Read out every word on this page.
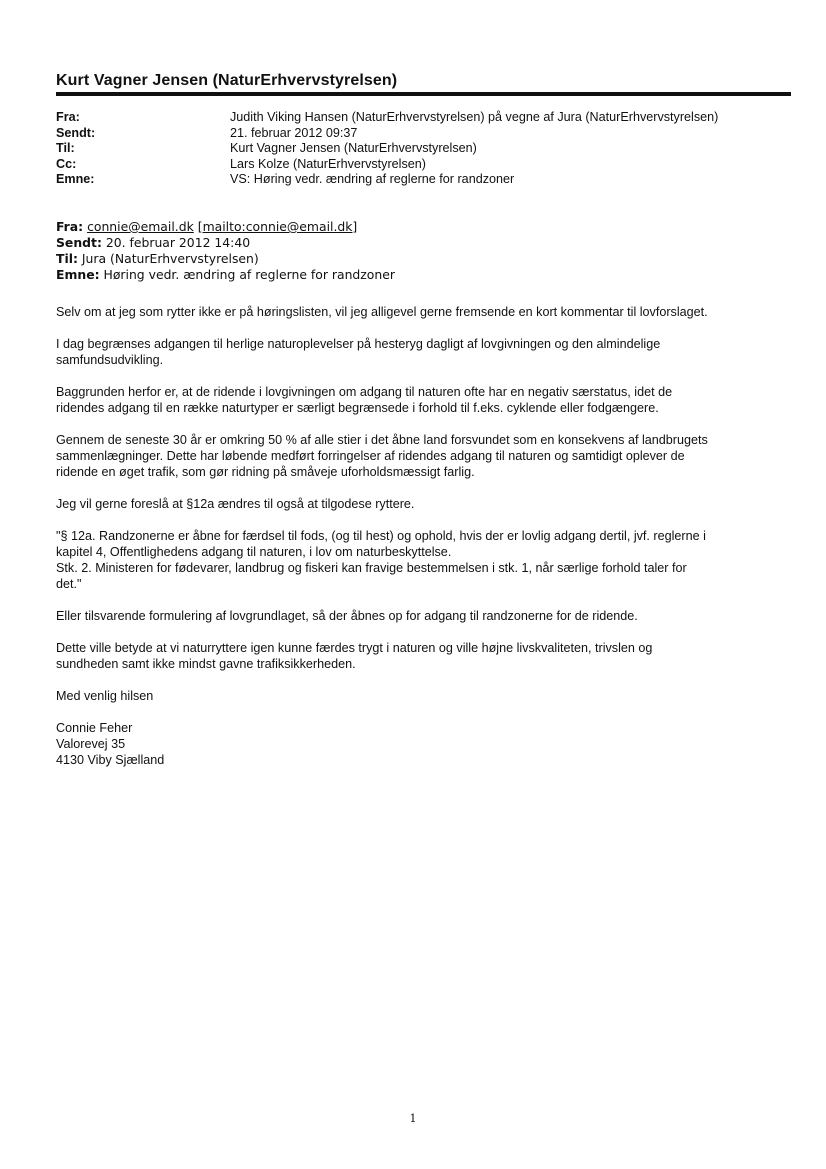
Kurt Vagner Jensen (NaturErhvervstyrelsen)
Fra:	Judith Viking Hansen (NaturErhvervstyrelsen) på vegne af Jura (NaturErhvervstyrelsen)
Sendt:	21. februar 2012 09:37
Til:	Kurt Vagner Jensen (NaturErhvervstyrelsen)
Cc:	Lars Kolze (NaturErhvervstyrelsen)
Emne:	VS: Høring vedr. ændring af reglerne for randzoner
Fra: connie@email.dk [mailto:connie@email.dk]
Sendt: 20. februar 2012 14:40
Til: Jura (NaturErhvervstyrelsen)
Emne: Høring vedr. ændring af reglerne for randzoner

Selv om at jeg som rytter ikke er på høringslisten, vil jeg alligevel gerne fremsende en kort kommentar til lovforslaget.

I dag begrænses adgangen til herlige naturoplevelser på hesteryg dagligt af lovgivningen og den almindelige
samfundsudvikling.

Baggrunden herfor er, at de ridende i lovgivningen om adgang til naturen ofte har en negativ særstatus, idet de
ridendes adgang til en række naturtyper er særligt begrænsede i forhold til f.eks. cyklende eller fodgængere.

Gennem de seneste 30 år er omkring 50 % af alle stier i det åbne land forsvundet som en konsekvens af landbrugets
sammenlægninger. Dette har løbende medført forringelser af ridendes adgang til naturen og samtidigt oplever de
ridende en øget trafik, som gør ridning på småveje uforholdsmæssigt farlig.

Jeg vil gerne foreslå at §12a ændres til også at tilgodese ryttere.

"§ 12a. Randzonerne er åbne for færdsel til fods, (og til hest) og ophold, hvis der er lovlig adgang dertil, jvf. reglerne i
kapitel 4, Offentlighedens adgang til naturen, i lov om naturbeskyttelse.
Stk. 2. Ministeren for fødevarer, landbrug og fiskeri kan fravige bestemmelsen i stk. 1, når særlige forhold taler for
det."

Eller tilsvarende formulering af lovgrundlaget, så der åbnes op for adgang til randzonerne for de ridende.

Dette ville betyde at vi naturryttere igen kunne færdes trygt i naturen og ville højne livskvaliteten, trivslen og
sundheden samt ikke mindst gavne trafiksikkerheden.

Med venlig hilsen

Connie Feher
Valorevej 35
4130 Viby Sjælland

1
